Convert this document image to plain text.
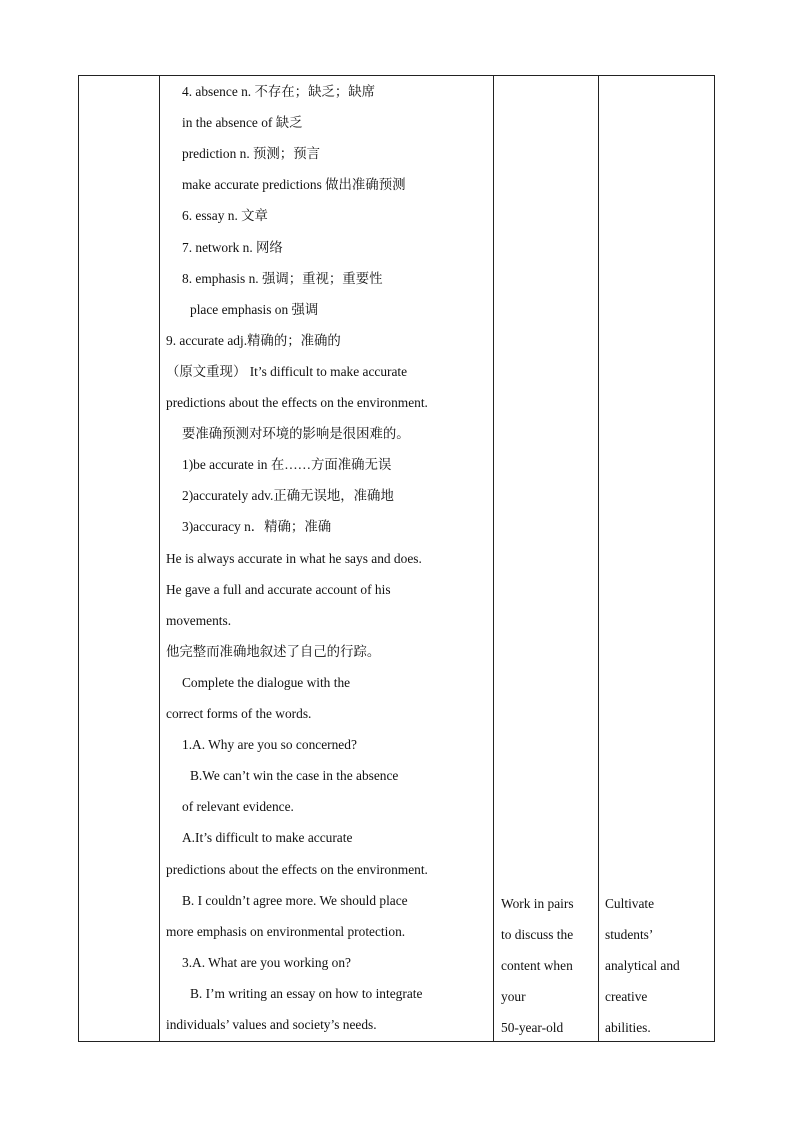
4. absence n. 不存在；缺乏；缺席
in the absence of 缺乏
prediction n. 预测；预言
make accurate predictions 做出准确预测
6. essay n. 文章
7. network n. 网络
8. emphasis n. 强调；重视；重要性
place emphasis on 强调
9. accurate adj.精确的；准确的
（原文重现） It’s difficult to make accurate
predictions about the effects on the environment.
要准确预测对环境的影响是很困难的。
1)be accurate in 在……方面准确无误
2)accurately adv.正确无误地，准确地
3)accuracy n．精确；准确
He is always accurate in what he says and does.
He gave a full and accurate account of his
movements.
他完整而准确地叙述了自己的行踪。
Complete the dialogue with the
correct forms of the words.
1.A. Why are you so concerned?
B.We can’t win the case in the absence
of relevant evidence.
A.It’s difficult to make accurate
predictions about the effects on the environment.
B. I couldn’t agree more. We should place
more emphasis on environmental protection.
3.A. What are you working on?
B. I’m writing an essay on how to integrate
individuals’ values and society’s needs.
Work in pairs
to discuss the
content when
your
50-year-old
Cultivate
students’
analytical and
creative
abilities.
